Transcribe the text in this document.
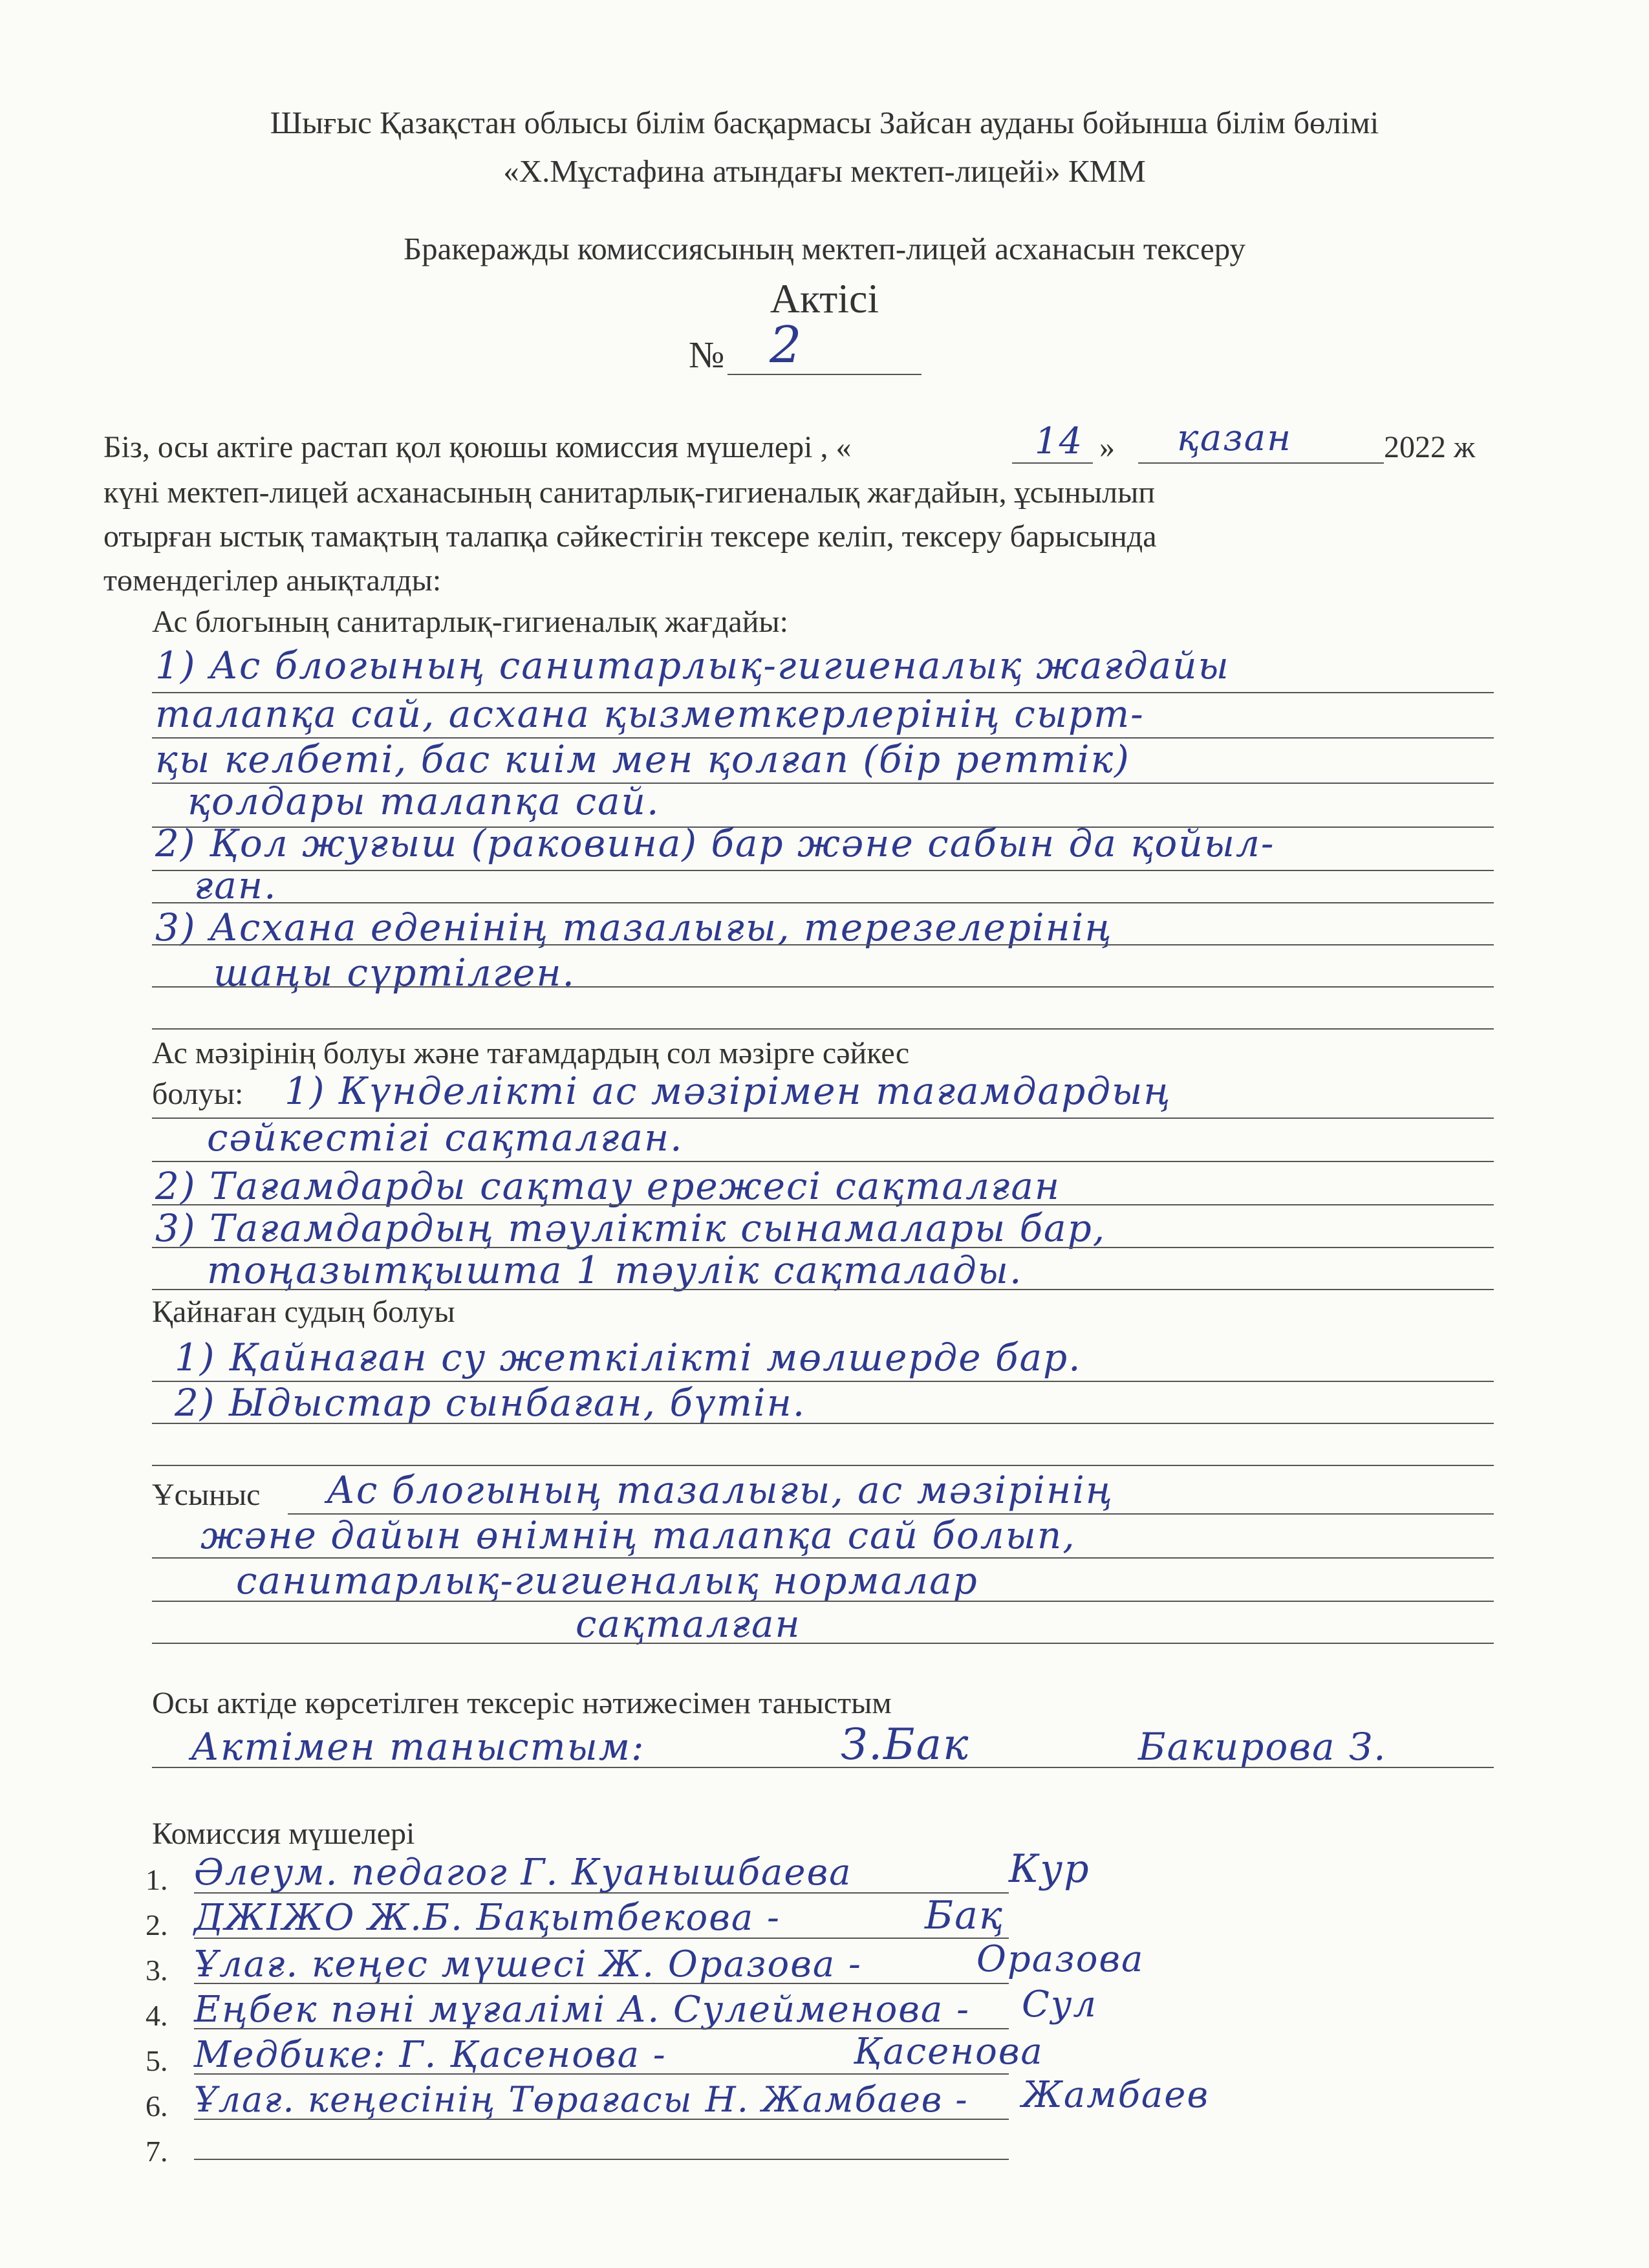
Шығыс Қазақстан облысы білім басқармасы Зайсан ауданы бойынша білім бөлімі
«Х.Мұстафина атындағы мектеп-лицейі» КММ
Бракеражды комиссиясының мектеп-лицей асханасын тексеру
Актісі
№ 2
Біз, осы актіге растап қол қоюшы комиссия мүшелері , «	14 » қазан	2022 ж
күні мектеп-лицей асханасының санитарлық-гигиеналық жағдайын, ұсынылып
отырған ыстық тамақтың талапқа сәйкестігін тексере келіп, тексеру барысында
төмендегілер анықталды:
Ас блогының санитарлық-гигиеналық жағдайы:
1) Ас блогының санитарлық-гигиеналық жағдайы
талапқа сай, асхана қызметкерлерінің сырт-
қы келбеті, бас киім мен қолғап (бір реттік)
қолдары талапқа сай.
2) Қол жуғыш (раковина) бар және сабын да қойыл-
ған.
3) Асхана еденінің тазалығы, терезелерінің
шаңы сүртілген.
Ас мәзірінің болуы және тағамдардың сол мәзірге сәйкес
болуы: 1) Күнделікті ас мәзірімен тағамдардың
сәйкестігі сақталған.
2) Тағамдарды сақтау ережесі сақталған
3) Тағамдардың тәуліктік сынамалары бар,
тоңазытқышта 1 тәулік сақталады.
Қайнаған судың болуы
1) Қайнаған су жеткілікті мөлшерде бар.
2) Ыдыстар сынбаған, бүтін.
Ұсыныс Ас блогының тазалығы, ас мәзірінің
және дайын өнімнің талапқа сай болып,
санитарлық-гигиеналық нормалар
сақталған
Осы актіде көрсетілген тексеріс нәтижесімен таныстым
Актімен таныстым:	З.Бак	Бакирова З.
Комиссия мүшелері
1. Әлеум. педагог Г. Куанышбаева	Кур
2. ДЖІЖО Ж.Б. Бақытбекова -	Бақ
3. Ұлағ. кеңес мүшесі Ж. Оразова -	Оразова
4. Еңбек пәні мұғалімі А. Сулейменова - Сул
5. Медбике: Г. Қасенова -	Қасенова
6. Ұлағ. кеңесінің Төрағасы Н. Жамбаев - Жамбаев
7.
